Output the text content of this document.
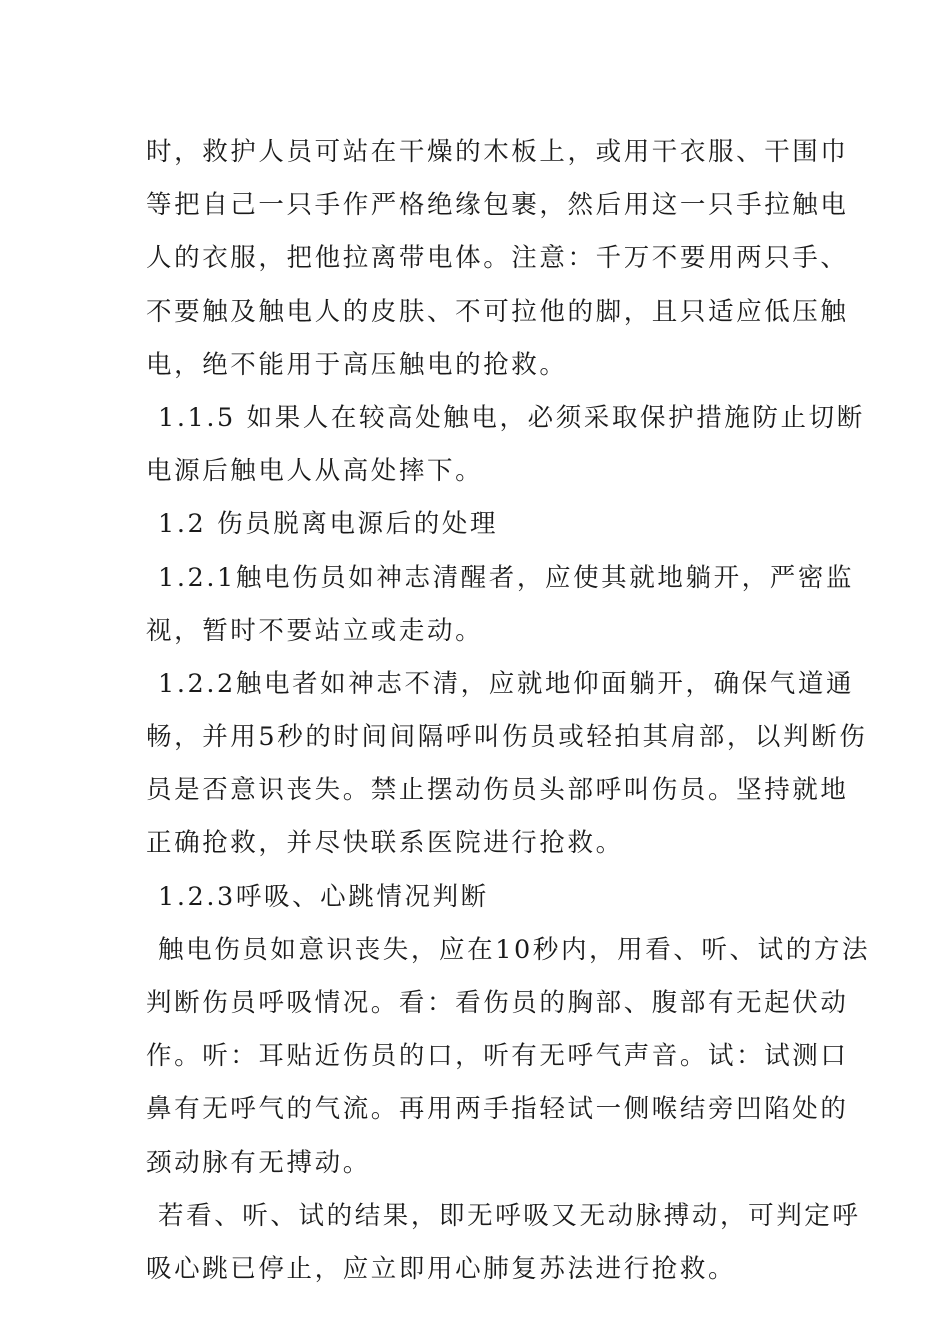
时，救护人员可站在干燥的木板上，或用干衣服、干围巾
等把自己一只手作严格绝缘包裹，然后用这一只手拉触电
人的衣服，把他拉离带电体。注意：千万不要用两只手、
不要触及触电人的皮肤、不可拉他的脚，且只适应低压触
电，绝不能用于高压触电的抢救。
1.1.5 如果人在较高处触电，必须采取保护措施防止切断
电源后触电人从高处摔下。
1.2 伤员脱离电源后的处理
1.2.1触电伤员如神志清醒者，应使其就地躺开，严密监
视，暂时不要站立或走动。
1.2.2触电者如神志不清，应就地仰面躺开，确保气道通
畅，并用5秒的时间间隔呼叫伤员或轻拍其肩部，以判断伤
员是否意识丧失。禁止摆动伤员头部呼叫伤员。坚持就地
正确抢救，并尽快联系医院进行抢救。
1.2.3呼吸、心跳情况判断
触电伤员如意识丧失，应在10秒内，用看、听、试的方法
判断伤员呼吸情况。看：看伤员的胸部、腹部有无起伏动
作。听：耳贴近伤员的口，听有无呼气声音。试：试测口
鼻有无呼气的气流。再用两手指轻试一侧喉结旁凹陷处的
颈动脉有无搏动。
若看、听、试的结果，即无呼吸又无动脉搏动，可判定呼
吸心跳已停止，应立即用心肺复苏法进行抢救。
